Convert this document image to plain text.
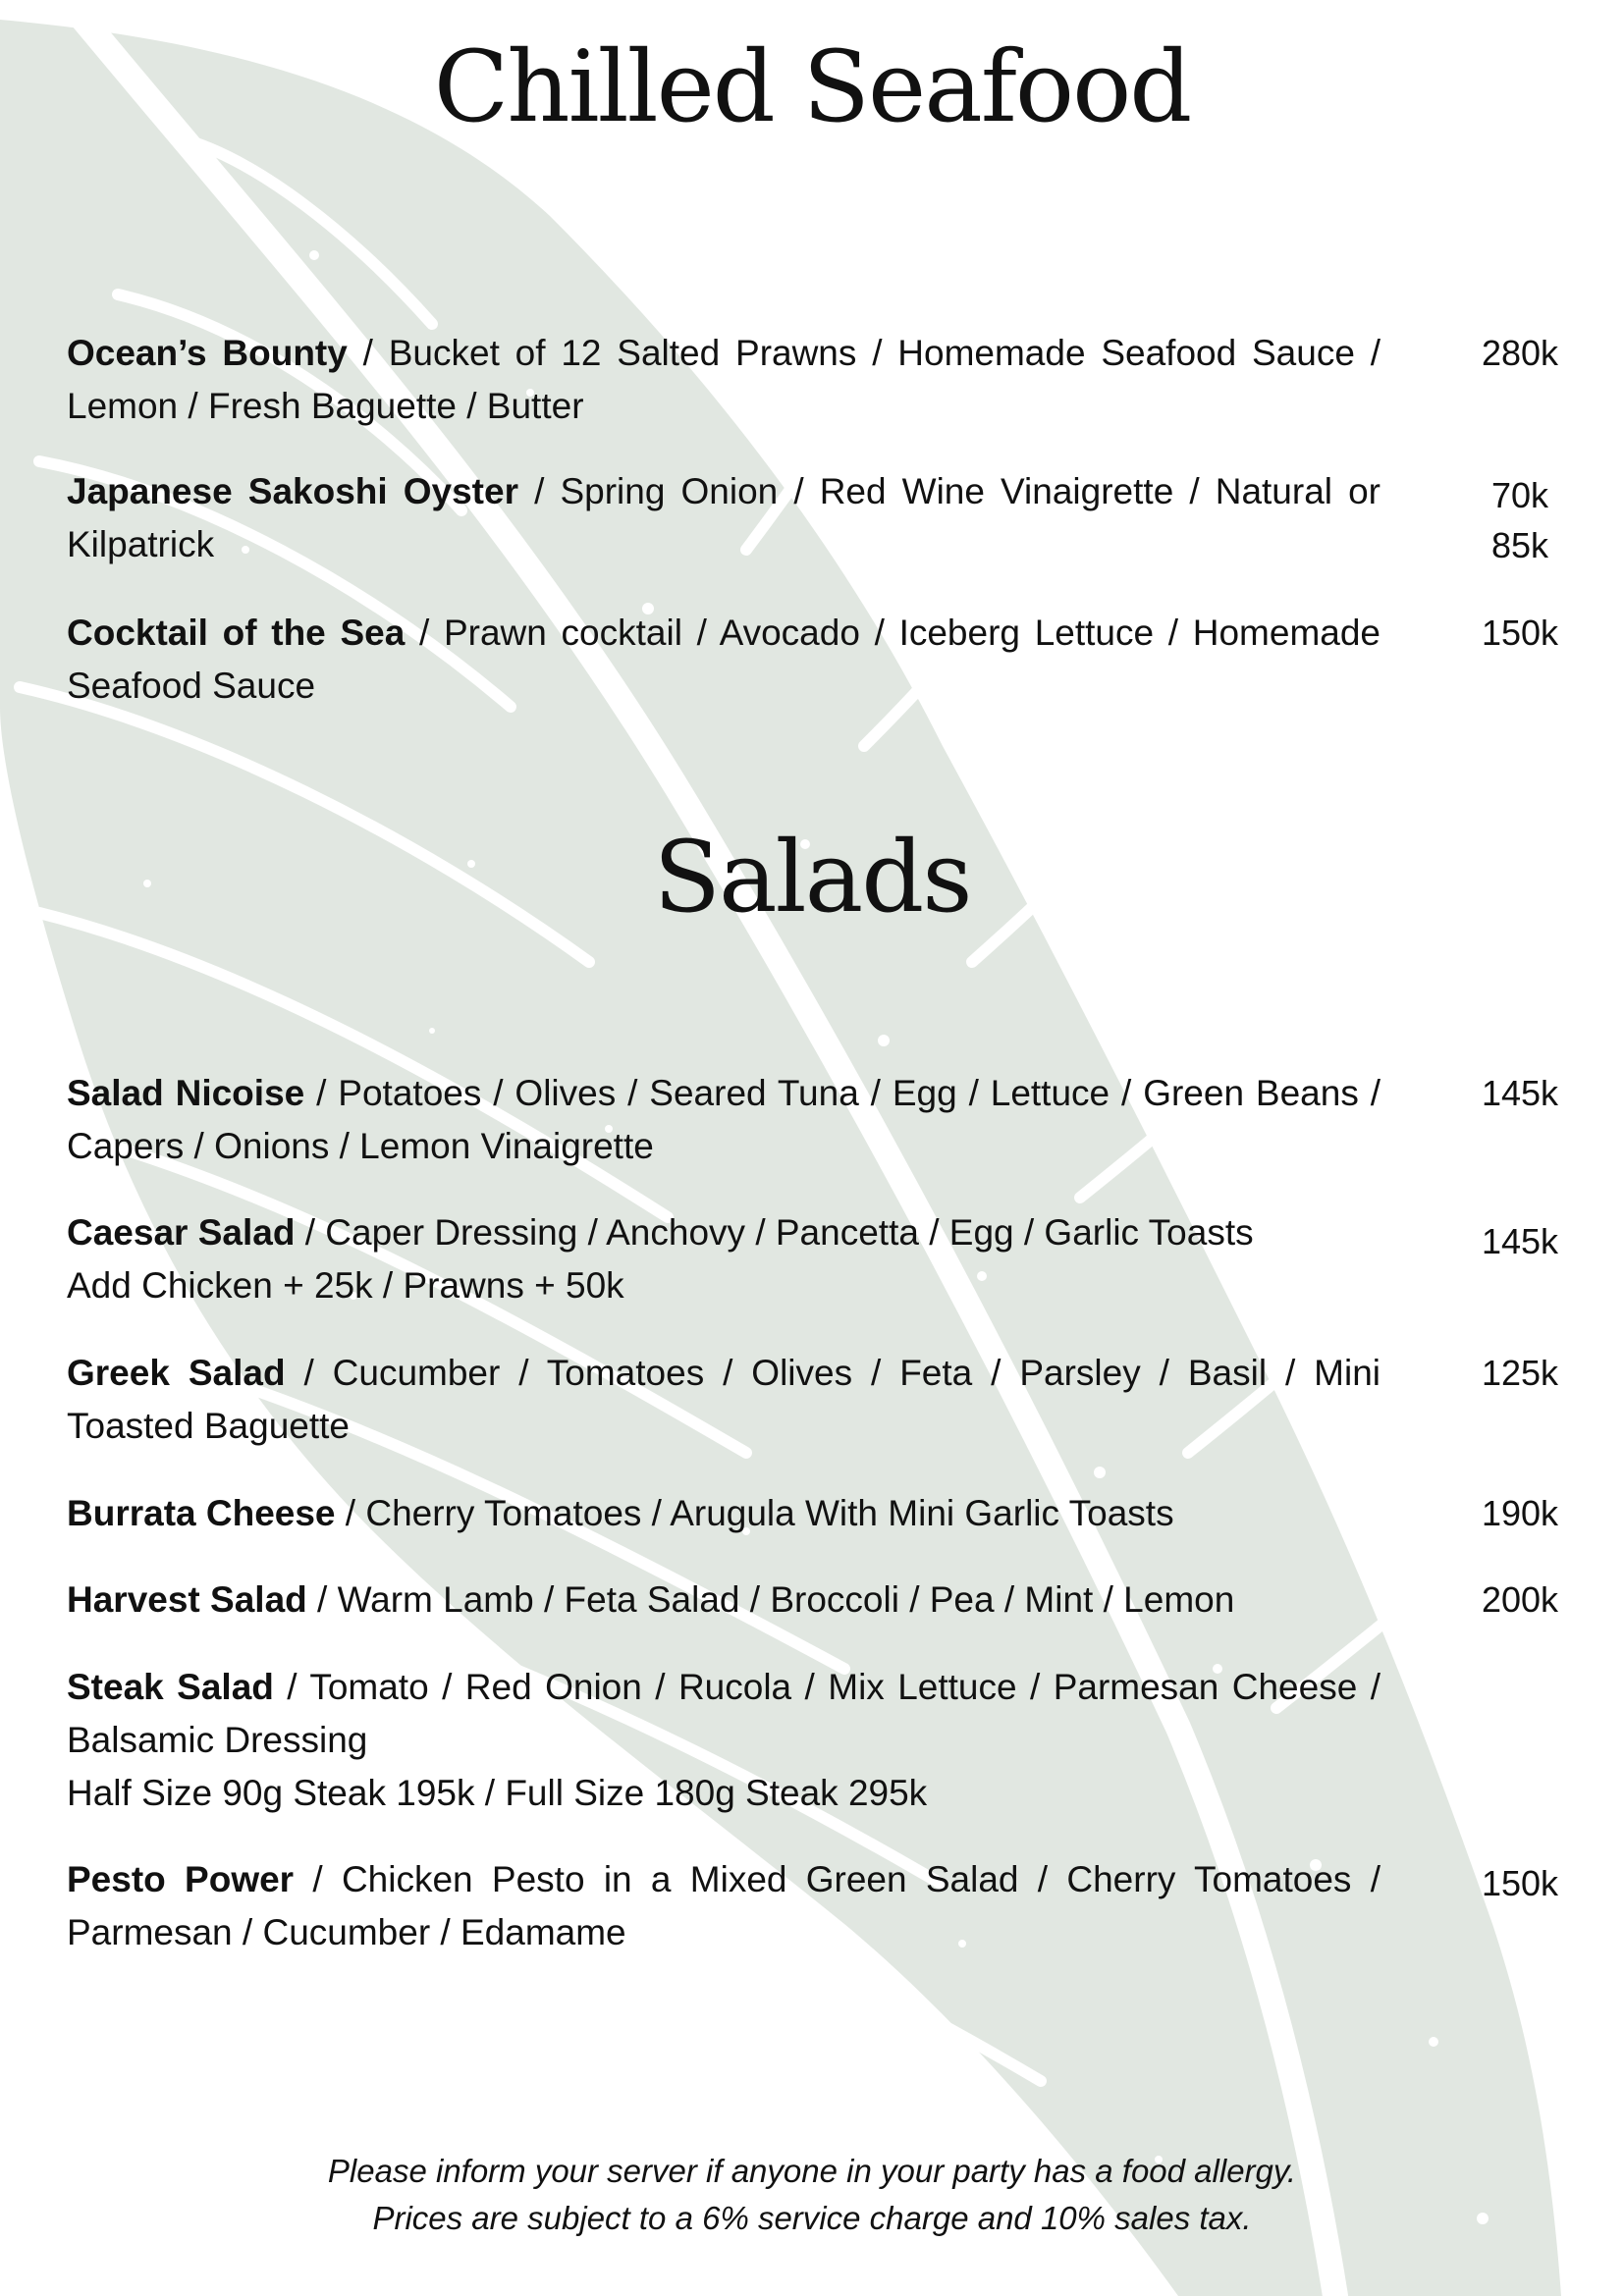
Chilled Seafood
Ocean’s Bounty / Bucket of 12 Salted Prawns / Homemade Seafood Sauce / Lemon / Fresh Baguette / Butter
280k
Japanese Sakoshi Oyster / Spring Onion / Red Wine Vinaigrette / Natural or Kilpatrick
70k
85k
Cocktail of the Sea / Prawn cocktail / Avocado / Iceberg Lettuce / Homemade Seafood Sauce
150k
Salads
Salad Nicoise / Potatoes / Olives / Seared Tuna / Egg / Lettuce / Green Beans / Capers / Onions / Lemon Vinaigrette
145k
Caesar Salad / Caper Dressing / Anchovy / Pancetta / Egg / Garlic Toasts
Add Chicken + 25k / Prawns + 50k
145k
Greek Salad / Cucumber / Tomatoes / Olives / Feta / Parsley / Basil / Mini Toasted Baguette
125k
Burrata Cheese / Cherry Tomatoes / Arugula With Mini Garlic Toasts	190k
Harvest Salad / Warm Lamb / Feta Salad / Broccoli / Pea / Mint / Lemon	200k
Steak Salad / Tomato / Red Onion / Rucola / Mix Lettuce / Parmesan Cheese / Balsamic Dressing
Half Size 90g Steak 195k / Full Size 180g Steak 295k
Pesto Power / Chicken Pesto in a Mixed Green Salad / Cherry Tomatoes / Parmesan / Cucumber / Edamame
150k
Please inform your server if anyone in your party has a food allergy.
Prices are subject to a 6% service charge and 10% sales tax.
